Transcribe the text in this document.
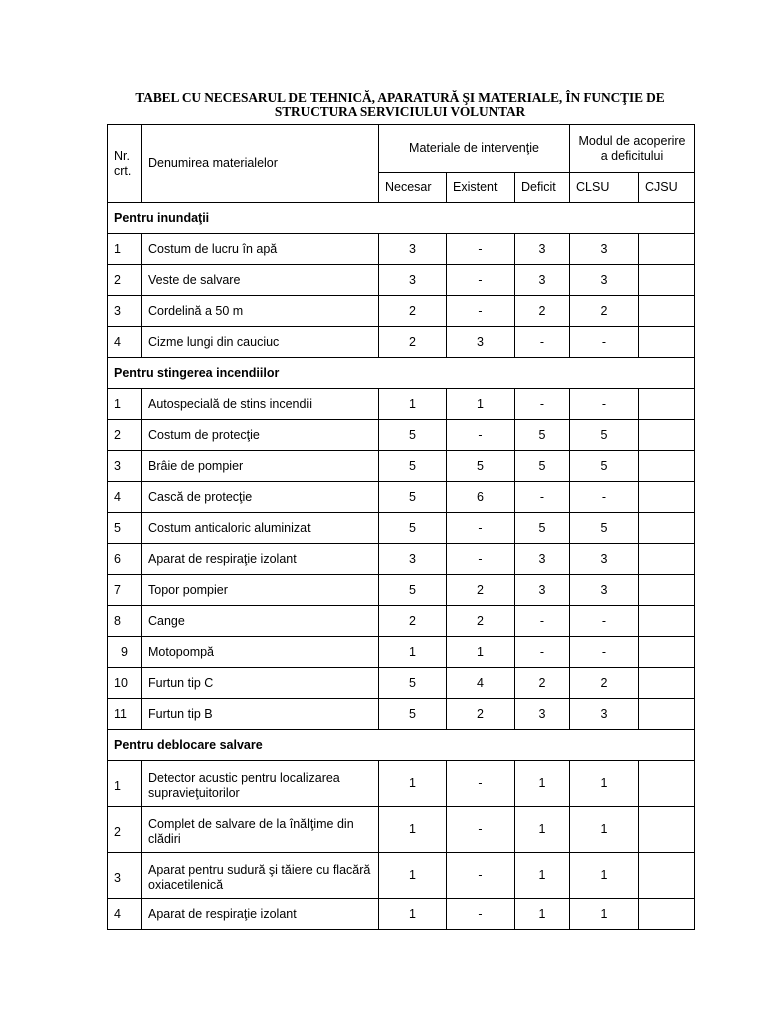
TABEL CU NECESARUL DE TEHNICĂ, APARATURĂ ŞI MATERIALE, ÎN FUNCŢIE DE
STRUCTURA SERVICIULUI VOLUNTAR
Nr. crt.	Denumirea materialelor	Materiale de intervenţie			Modul de acoperire a deficitului	
		Necesar	Existent	Deficit	CLSU	CJSU
Pentru inundaţii						
1	Costum de lucru în apă	3	-	3	3	
2	Veste de salvare	3	-	3	3	
3	Cordelină a 50 m	2	-	2	2	
4	Cizme lungi din cauciuc	2	3	-	-	
Pentru stingerea incendiilor						
1	Autospecială de stins incendii	1	1	-	-	
2	Costum de protecţie	5	-	5	5	
3	Brâie de pompier	5	5	5	5	
4	Cască de protecţie	5	6	-	-	
5	Costum anticaloric aluminizat	5	-	5	5	
6	Aparat de respiraţie izolant	3	-	3	3	
7	Topor pompier	5	2	3	3	
8	Cange	2	2	-	-	
9	Motopompă	1	1	-	-	
10	Furtun tip C	5	4	2	2	
11	Furtun tip B	5	2	3	3	
Pentru deblocare salvare						
1	Detector acustic pentru localizarea supravieţuitorilor	1	-	1	1	
2	Complet de salvare de la înălţime din clădiri	1	-	1	1	
3	Aparat pentru sudură şi tăiere cu flacără oxiacetilenică	1	-	1	1	
4	Aparat de respiraţie izolant	1	-	1	1	
